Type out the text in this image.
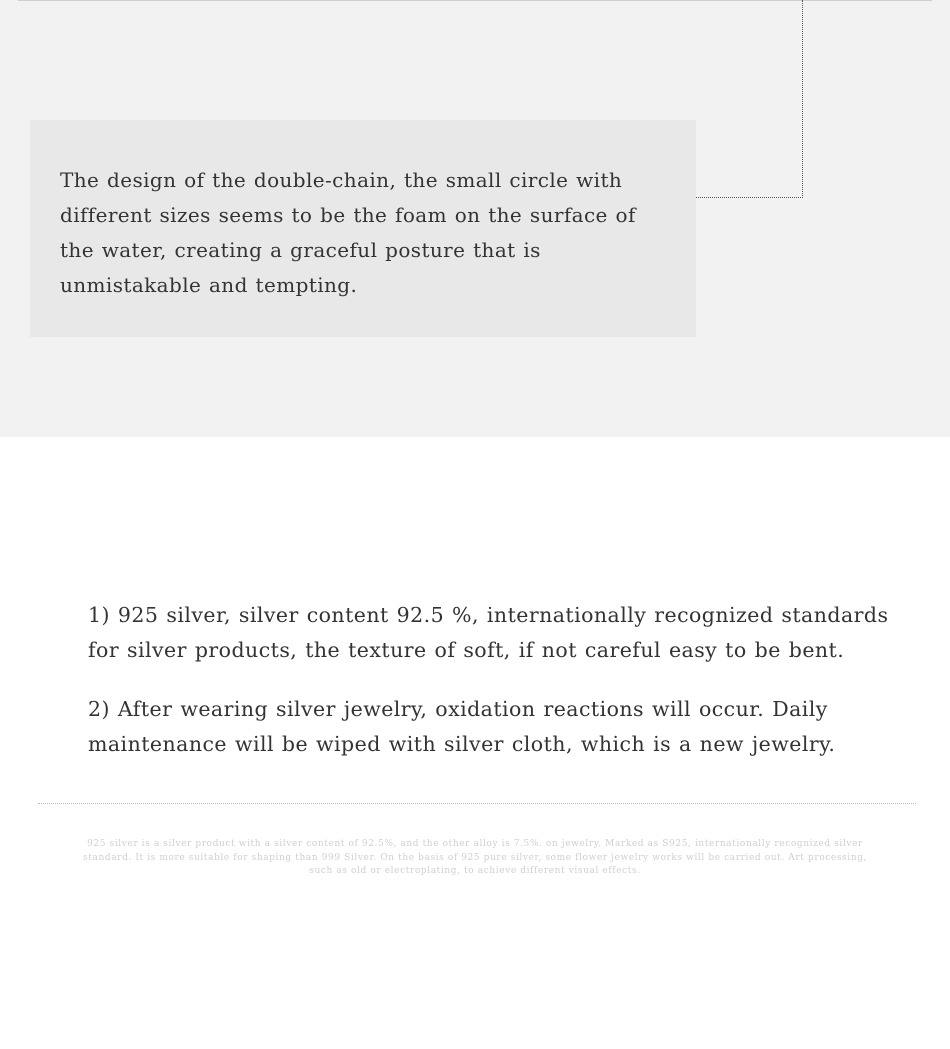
The design of the double-chain, the small circle with different sizes seems to be the foam on the surface of the water, creating a graceful posture that is unmistakable and tempting.

1) 925 silver, silver content 92.5 %, internationally recognized standards for silver products, the texture of soft, if not careful easy to be bent.

2) After wearing silver jewelry, oxidation reactions will occur. Daily maintenance will be wiped with silver cloth, which is a new jewelry.

925 silver is a silver product with a silver content of 92.5%, and the other alloy is 7.5%. on jewelry. Marked as S925, internationally recognized silver standard. It is more suitable for shaping than 999 Silver. On the basis of 925 pure silver, some flower jewelry works will be carried out. Art processing, such as old or electroplating, to achieve different visual effects.
